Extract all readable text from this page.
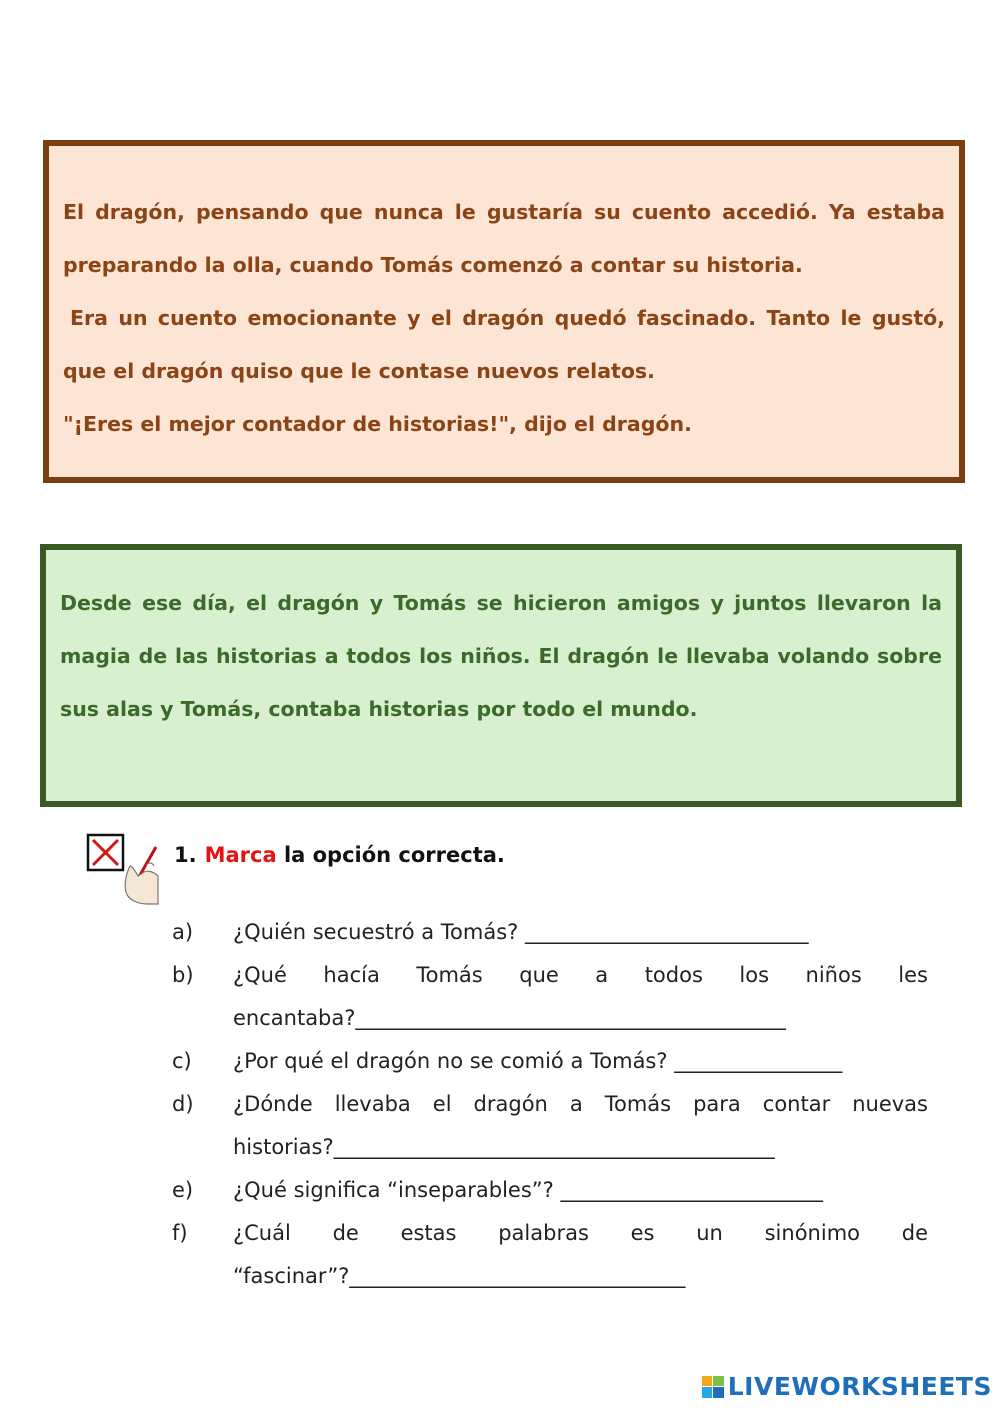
El dragón, pensando que nunca le gustaría su cuento accedió. Ya estaba preparando la olla, cuando Tomás comenzó a contar su historia.

Era un cuento emocionante y el dragón quedó fascinado. Tanto le gustó, que el dragón quiso que le contase nuevos relatos.

"¡Eres el mejor contador de historias!", dijo el dragón.

Desde ese día, el dragón y Tomás se hicieron amigos y juntos llevaron la magia de las historias a todos los niños. El dragón le llevaba volando sobre sus alas y Tomás, contaba historias por todo el mundo.

1. Marca la opción correcta.
a)	¿Quién secuestró a Tomás? ___________________________
b)	¿Qué hacía Tomás que a todos los niños les
encantaba?_________________________________________
c)	¿Por qué el dragón no se comió a Tomás? ________________
d)	¿Dónde llevaba el dragón a Tomás para contar nuevas
historias?__________________________________________
e)	¿Qué significa “inseparables”? _________________________
f)	¿Cuál de estas palabras es un sinónimo de
“fascinar”?________________________________
LIVEWORKSHEETS
